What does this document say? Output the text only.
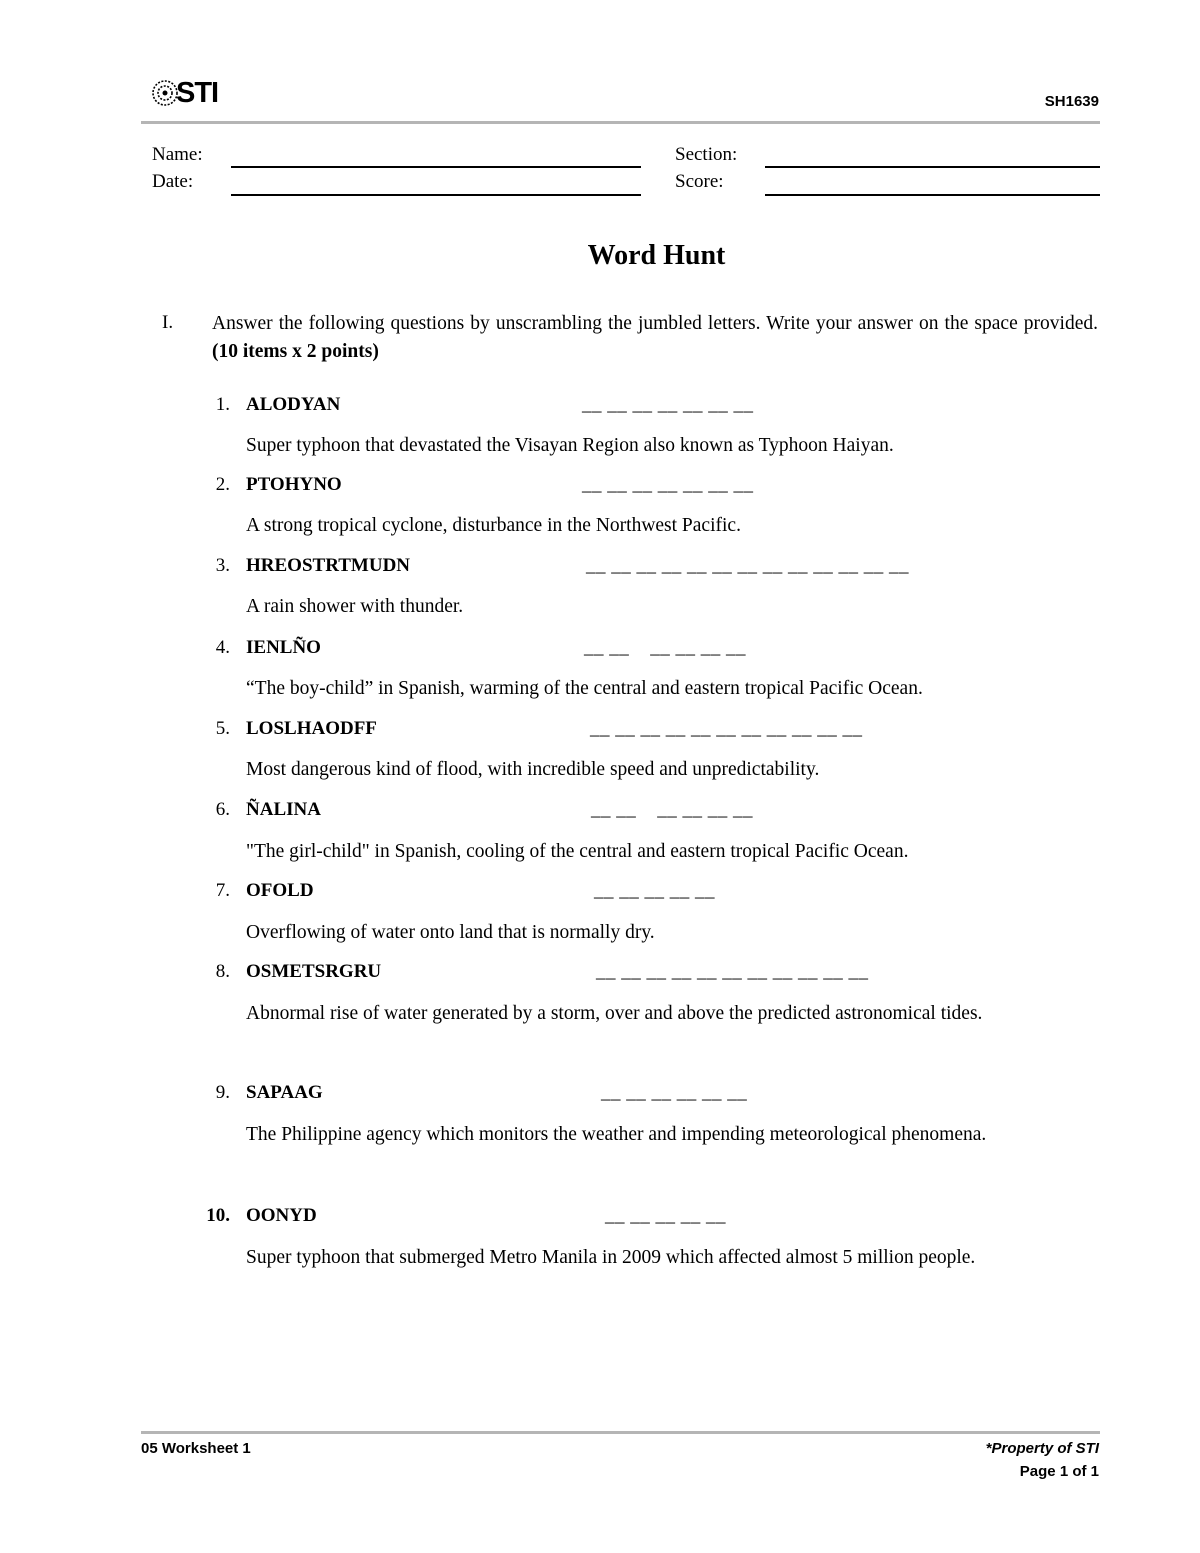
STI	SH1639
Name:	Section:
Date:	Score:
Word Hunt
I. Answer the following questions by unscrambling the jumbled letters. Write your answer on the space provided. (10 items x 2 points)
1. ALODYAN	__ __ __ __ __ __ __
Super typhoon that devastated the Visayan Region also known as Typhoon Haiyan.
2. PTOHYNO	__ __ __ __ __ __ __
A strong tropical cyclone, disturbance in the Northwest Pacific.
3. HREOSTRTMUDN	__ __ __ __ __ __ __ __ __ __ __ __ __
A rain shower with thunder.
4. IENLÑO	__ __    __ __ __ __
“The boy-child” in Spanish, warming of the central and eastern tropical Pacific Ocean.
5. LOSLHAODFF	__ __ __ __ __ __ __ __ __ __ __
Most dangerous kind of flood, with incredible speed and unpredictability.
6. ÑALINA	__ __    __ __ __ __
"The girl-child" in Spanish, cooling of the central and eastern tropical Pacific Ocean.
7. OFOLD	__ __ __ __ __
Overflowing of water onto land that is normally dry.
8. OSMETSRGRU	__ __ __ __ __ __ __ __ __ __ __
Abnormal rise of water generated by a storm, over and above the predicted astronomical tides.
9. SAPAAG	__ __ __ __ __ __
The Philippine agency which monitors the weather and impending meteorological phenomena.
10. OONYD	__ __ __ __ __
Super typhoon that submerged Metro Manila in 2009 which affected almost 5 million people.
05 Worksheet 1	*Property of STI
Page 1 of 1
